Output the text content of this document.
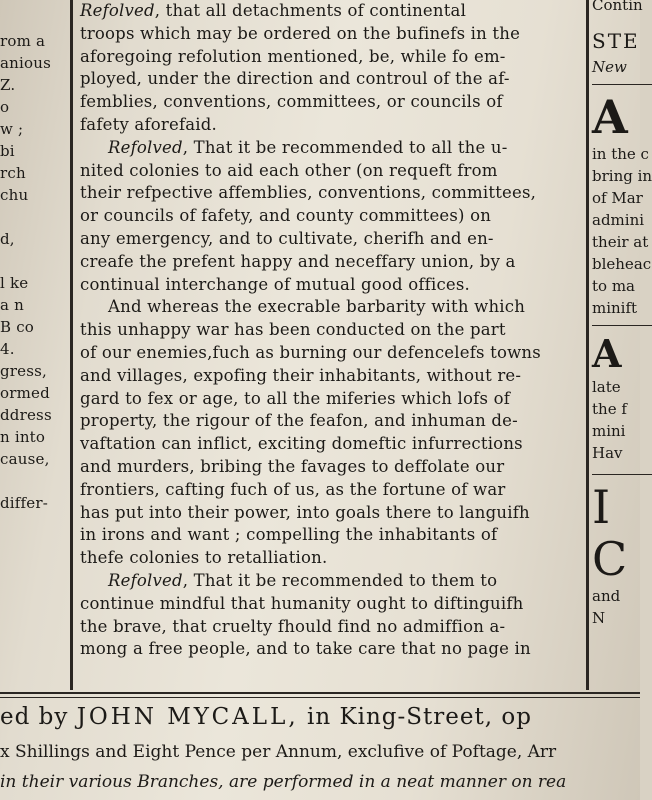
rom a
anious
Z.
o
w ;
bi
rch
chu

d,

l ke
a n
B co
4.
gress,
ormed
ddress
n into
cause,

differ-
Refolved, that all detachments of continental
troops which may be ordered on the bufinefs in the
aforegoing refolution mentioned, be, while fo em-
ployed, under the direction and controul of the af-
femblies, conventions, committees, or councils of
fafety aforefaid.
Refolved, That it be recommended to all the u-
nited colonies to aid each other (on requeft from
their refpective affemblies, conventions, committees,
or councils of fafety, and county committees) on
any emergency, and to cultivate, cherifh and en-
creafe the prefent happy and neceffary union, by a
continual interchange of mutual good offices.
And whereas the execrable barbarity with which
this unhappy war has been conducted on the part
of our enemies,fuch as burning our defencelefs towns
and villages, expofing their inhabitants, without re-
gard to fex or age, to all the miferies which lofs of
property, the rigour of the feafon, and inhuman de-
vaftation can inflict, exciting domeftic infurrections
and murders, bribing the favages to deffolate our
frontiers, cafting fuch of us, as the fortune of war
has put into their power, into goals there to languifh
in irons and want ; compelling the inhabitants of
thefe colonies to retalliation.
Refolved, That it be recommended to them to
continue mindful that humanity ought to diftinguifh
the brave, that cruelty fhould find no admiffion a-
mong a free people, and to take care that no page in
Contin
STE
New
A
in the c
bring in
of Mar
admini
their at
bleheac
to ma
minift
A
late
the f
mini
Hav
I
C
and
N
ed by JOHN MYCALL, in King-Street, op
x Shillings and Eight Pence per Annum, exclufive of Poftage, Arr
in their various Branches, are performed in a neat manner on rea
